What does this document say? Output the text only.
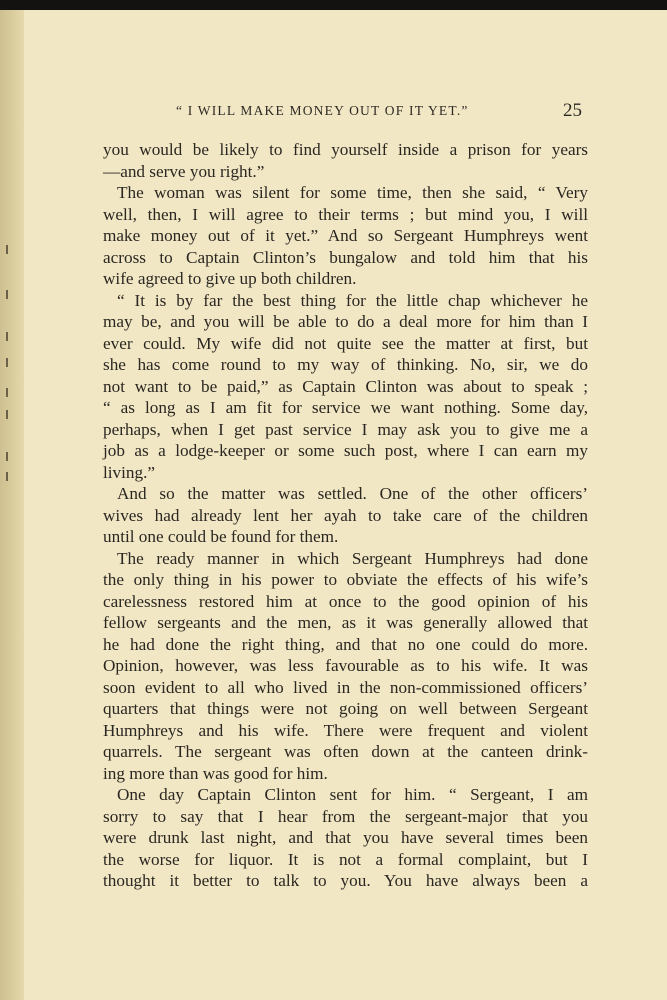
“ I WILL MAKE MONEY OUT OF IT YET.”	25
you would be likely to find yourself inside a prison for years
—and serve you right.”
The woman was silent for some time, then she said, “ Very
well, then, I will agree to their terms ; but mind you, I will
make money out of it yet.” And so Sergeant Humphreys went
across to Captain Clinton’s bungalow and told him that his
wife agreed to give up both children.
“ It is by far the best thing for the little chap whichever he
may be, and you will be able to do a deal more for him than I
ever could. My wife did not quite see the matter at first, but
she has come round to my way of thinking. No, sir, we do
not want to be paid,” as Captain Clinton was about to speak ;
“ as long as I am fit for service we want nothing. Some day,
perhaps, when I get past service I may ask you to give me a
job as a lodge-keeper or some such post, where I can earn my
living.”
And so the matter was settled. One of the other officers’
wives had already lent her ayah to take care of the children
until one could be found for them.
The ready manner in which Sergeant Humphreys had done
the only thing in his power to obviate the effects of his wife’s
carelessness restored him at once to the good opinion of his
fellow sergeants and the men, as it was generally allowed that
he had done the right thing, and that no one could do more.
Opinion, however, was less favourable as to his wife. It was
soon evident to all who lived in the non-commissioned officers’
quarters that things were not going on well between Sergeant
Humphreys and his wife. There were frequent and violent
quarrels. The sergeant was often down at the canteen drink-
ing more than was good for him.
One day Captain Clinton sent for him. “ Sergeant, I am
sorry to say that I hear from the sergeant-major that you
were drunk last night, and that you have several times been
the worse for liquor. It is not a formal complaint, but I
thought it better to talk to you. You have always been a
